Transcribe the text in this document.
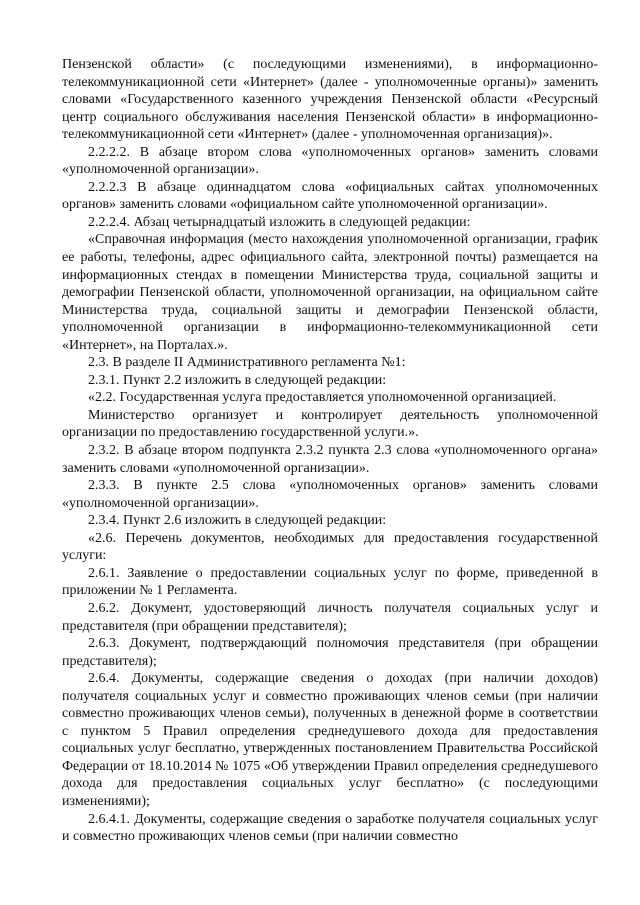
Пензенской области» (с последующими изменениями), в информационно-телекоммуникационной сети «Интернет» (далее - уполномоченные органы)» заменить словами «Государственного казенного учреждения Пензенской области «Ресурсный центр социального обслуживания населения Пензенской области» в информационно-телекоммуникационной сети «Интернет» (далее - уполномоченная организация)».

2.2.2.2. В абзаце втором слова «уполномоченных органов» заменить словами «уполномоченной организации».

2.2.2.3 В абзаце одиннадцатом слова «официальных сайтах уполномоченных органов» заменить словами «официальном сайте уполномоченной организации».

2.2.2.4. Абзац четырнадцатый изложить в следующей редакции:

«Справочная информация (место нахождения уполномоченной организации, график ее работы, телефоны, адрес официального сайта, электронной почты) размещается на информационных стендах в помещении Министерства труда, социальной защиты и демографии Пензенской области, уполномоченной организации, на официальном сайте Министерства труда, социальной защиты и демографии Пензенской области, уполномоченной организации в информационно-телекоммуникационной сети «Интернет», на Порталах.».

2.3. В разделе II Административного регламента №1:

2.3.1. Пункт 2.2 изложить в следующей редакции:

«2.2. Государственная услуга предоставляется уполномоченной организацией.

Министерство организует и контролирует деятельность уполномоченной организации по предоставлению государственной услуги.».

2.3.2. В абзаце втором подпункта 2.3.2 пункта 2.3 слова «уполномоченного органа» заменить словами «уполномоченной организации».

2.3.3. В пункте 2.5 слова «уполномоченных органов» заменить словами «уполномоченной организации».

2.3.4. Пункт 2.6 изложить в следующей редакции:

«2.6. Перечень документов, необходимых для предоставления государственной услуги:

2.6.1. Заявление о предоставлении социальных услуг по форме, приведенной в приложении № 1 Регламента.

2.6.2. Документ, удостоверяющий личность получателя социальных услуг и представителя (при обращении представителя);

2.6.3. Документ, подтверждающий полномочия представителя (при обращении представителя);

2.6.4. Документы, содержащие сведения о доходах (при наличии доходов) получателя социальных услуг и совместно проживающих членов семьи (при наличии совместно проживающих членов семьи), полученных в денежной форме в соответствии с пунктом 5 Правил определения среднедушевого дохода для предоставления социальных услуг бесплатно, утвержденных постановлением Правительства Российской Федерации от 18.10.2014 № 1075 «Об утверждении Правил определения среднедушевого дохода для предоставления социальных услуг бесплатно» (с последующими изменениями);

2.6.4.1. Документы, содержащие сведения о заработке получателя социальных услуг и совместно проживающих членов семьи (при наличии совместно
